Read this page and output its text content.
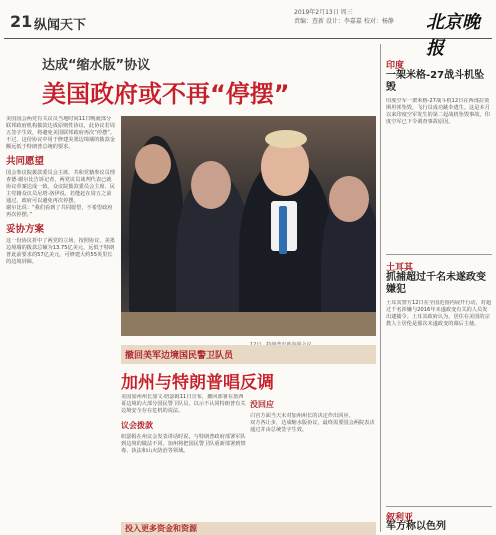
21 纵闻天下
2019年2月13日 周三
责编：查新 设计：李嘉嘉 校对：杨静 北京晚报
达成“缩水版”协议
美国政府或不再“停摆”
美国国会两党有关议员当地时间11日晚就部分联邦政府机构拨款达成原则性协议，此协议若周五签字生效，将避免美国联邦政府再次“停摆”。不过，这份协议中用于修建美墨边境墙的拨款金额远低于特朗普总统的要求。
共同愿望
国会参议院拨款委员会主席、共和党籍参议员理查德·谢尔比告诉记者，两党议员谈判代表已就协议草案达成一致。众议院拨款委员会主席、民主党籍众议员尼塔·洛伊说，若能赶在周五之前通过，政府可以避免再次停摆。
谢尔比说：“我们看到了共同愿望，不希望政府再次停摆。”
妥协方案
这一份协议折中了两党的立场。按照协议，美墨边境墙的拨款总额为13.75亿美元，远低于特朗普此前要求的57亿美元，可修建大约55英里长的边境屏障。
撤回美军边境国民警卫队员
加州与特朗普唱反调
美国加州州长加文·纽瑟姆11日宣布，撤回部署在墨西哥边境的大部分国民警卫队员，以示不认同特朗普有关边境安全存在危机的说法。
议会拨款
纽瑟姆在州议会发表讲话时说，与特朗普政府部署军队到边境的做法不同，加州将把国民警卫队重新部署到禁毒、执法和山火防治等领域。
没回应
白宫方面当天未对加州州长的决定作出回应。
双方各让步，达成缩水版协议，最终需要国会两院表决通过并由总统签字生效。
投入更多资金和资源
印度
一架米格-27战斗机坠毁
印度空军一架米格-27战斗机12日在西部拉贾斯坦邦坠毁，飞行员成功跳伞逃生。这是本月以来印度空军发生的第二起战机坠毁事故。印度空军已下令调查事故原因。
土耳其
抓捕超过千名未遂政变嫌犯
土耳其警方12日在全国范围内展开行动，对超过千名涉嫌与2016年未遂政变有关的人员发出逮捕令。土耳其政府认为，居住在美国的宗教人士居伦是那次未遂政变的幕后主使。
叙利亚
军方称以色列
